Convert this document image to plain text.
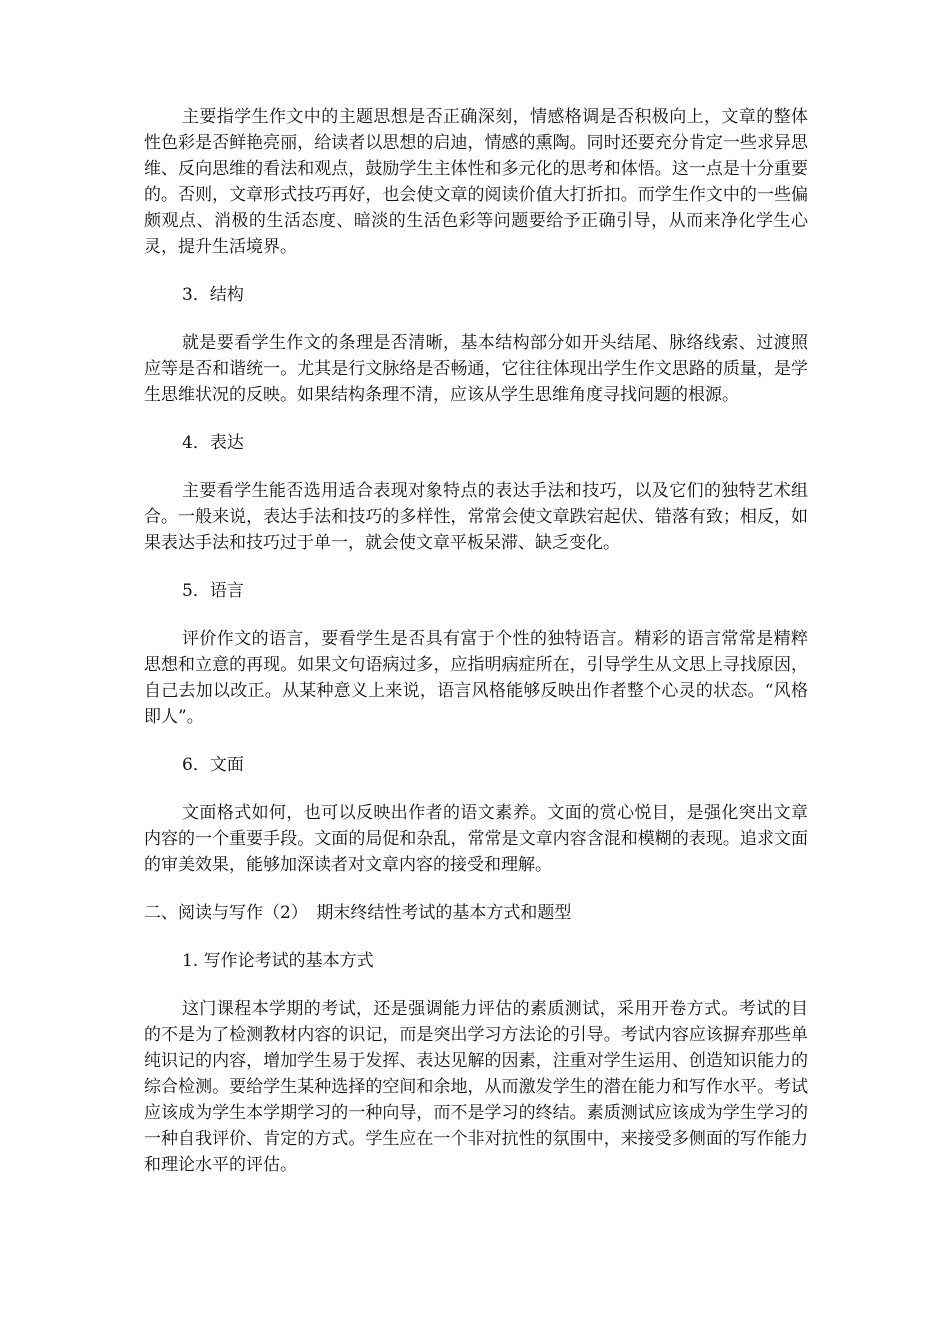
主要指学生作文中的主题思想是否正确深刻，情感格调是否积极向上，文章的整体性色彩是否鲜艳亮丽，给读者以思想的启迪，情感的熏陶。同时还要充分肯定一些求异思维、反向思维的看法和观点，鼓励学生主体性和多元化的思考和体悟。这一点是十分重要的。否则，文章形式技巧再好，也会使文章的阅读价值大打折扣。而学生作文中的一些偏颇观点、消极的生活态度、暗淡的生活色彩等问题要给予正确引导，从而来净化学生心灵，提升生活境界。

3．结构

就是要看学生作文的条理是否清晰，基本结构部分如开头结尾、脉络线索、过渡照应等是否和谐统一。尤其是行文脉络是否畅通，它往往体现出学生作文思路的质量，是学生思维状况的反映。如果结构条理不清，应该从学生思维角度寻找问题的根源。

4．表达

主要看学生能否选用适合表现对象特点的表达手法和技巧，以及它们的独特艺术组合。一般来说，表达手法和技巧的多样性，常常会使文章跌宕起伏、错落有致；相反，如果表达手法和技巧过于单一，就会使文章平板呆滞、缺乏变化。

5．语言

评价作文的语言，要看学生是否具有富于个性的独特语言。精彩的语言常常是精粹思想和立意的再现。如果文句语病过多，应指明病症所在，引导学生从文思上寻找原因，自己去加以改正。从某种意义上来说，语言风格能够反映出作者整个心灵的状态。“风格即人”。

6．文面

文面格式如何，也可以反映出作者的语文素养。文面的赏心悦目，是强化突出文章内容的一个重要手段。文面的局促和杂乱，常常是文章内容含混和模糊的表现。追求文面的审美效果，能够加深读者对文章内容的接受和理解。

二、阅读与写作（2）　期末终结性考试的基本方式和题型

1. 写作论考试的基本方式

这门课程本学期的考试，还是强调能力评估的素质测试，采用开卷方式。考试的目的不是为了检测教材内容的识记，而是突出学习方法论的引导。考试内容应该摒弃那些单纯识记的内容，增加学生易于发挥、表达见解的因素，注重对学生运用、创造知识能力的综合检测。要给学生某种选择的空间和余地，从而激发学生的潜在能力和写作水平。考试应该成为学生本学期学习的一种向导，而不是学习的终结。素质测试应该成为学生学习的一种自我评价、肯定的方式。学生应在一个非对抗性的氛围中，来接受多侧面的写作能力和理论水平的评估。
